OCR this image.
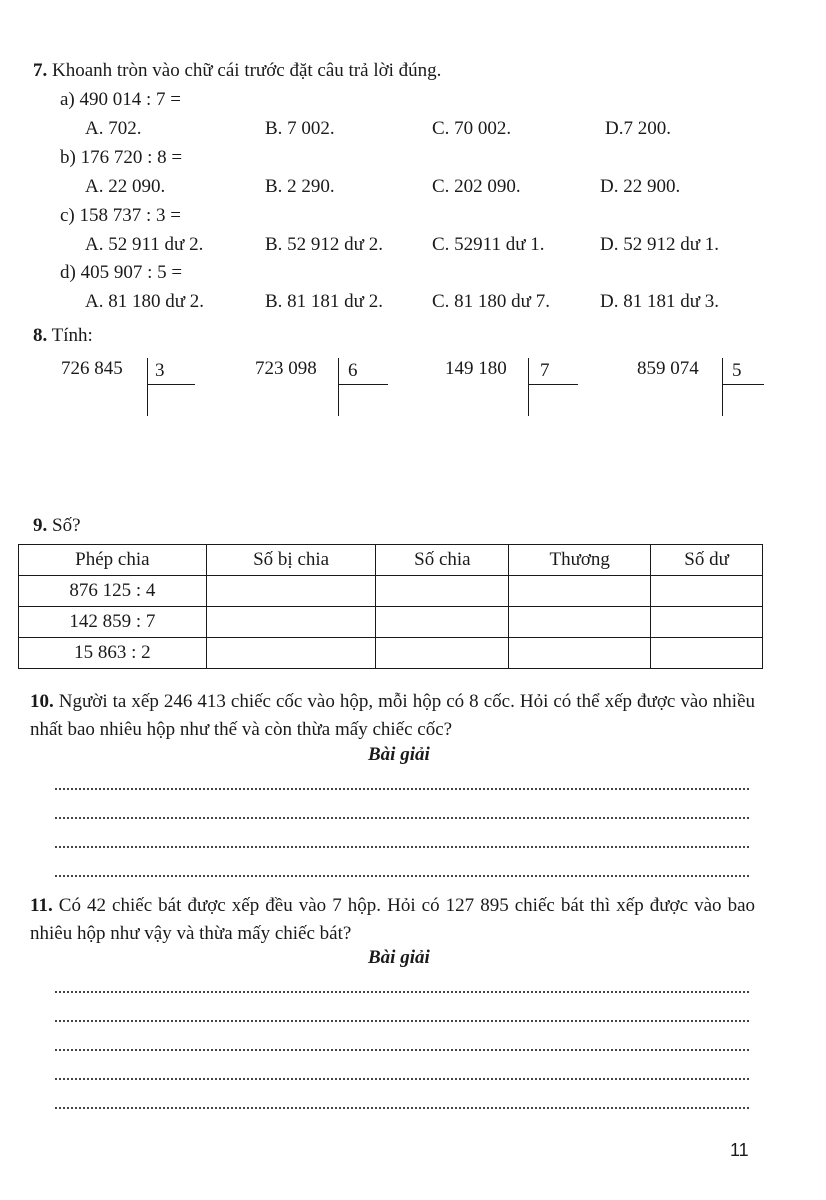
7. Khoanh tròn vào chữ cái trước đặt câu trả lời đúng.
a) 490 014 : 7 =
A. 702.	B. 7 002.	C. 70 002.	D.7 200.
b) 176 720 : 8 =
A. 22 090.	B. 2 290.	C. 202 090.	D. 22 900.
c) 158 737 : 3 =
A. 52 911 dư 2.	B. 52 912 dư 2.	C. 52911 dư 1.	D. 52 912 dư 1.
d) 405 907 : 5 =
A. 81 180 dư 2.	B. 81 181 dư 2.	C. 81 180 dư 7.	D. 81 181 dư 3.
8. Tính:
726 845 3	723 098 6	149 180 7	859 074 5
9. Số?
Phép chia	Số bị chia	Số chia	Thương	Số dư
876 125 : 4				
142 859 : 7				
15 863 : 2				
10. Người ta xếp 246 413 chiếc cốc vào hộp, mỗi hộp có 8 cốc. Hỏi có thể xếp được vào nhiều nhất bao nhiêu hộp như thế và còn thừa mấy chiếc cốc?
Bài giải
11. Có 42 chiếc bát được xếp đều vào 7 hộp. Hỏi có 127 895 chiếc bát thì xếp được vào bao nhiêu hộp như vậy và thừa mấy chiếc bát?
Bài giải
11
